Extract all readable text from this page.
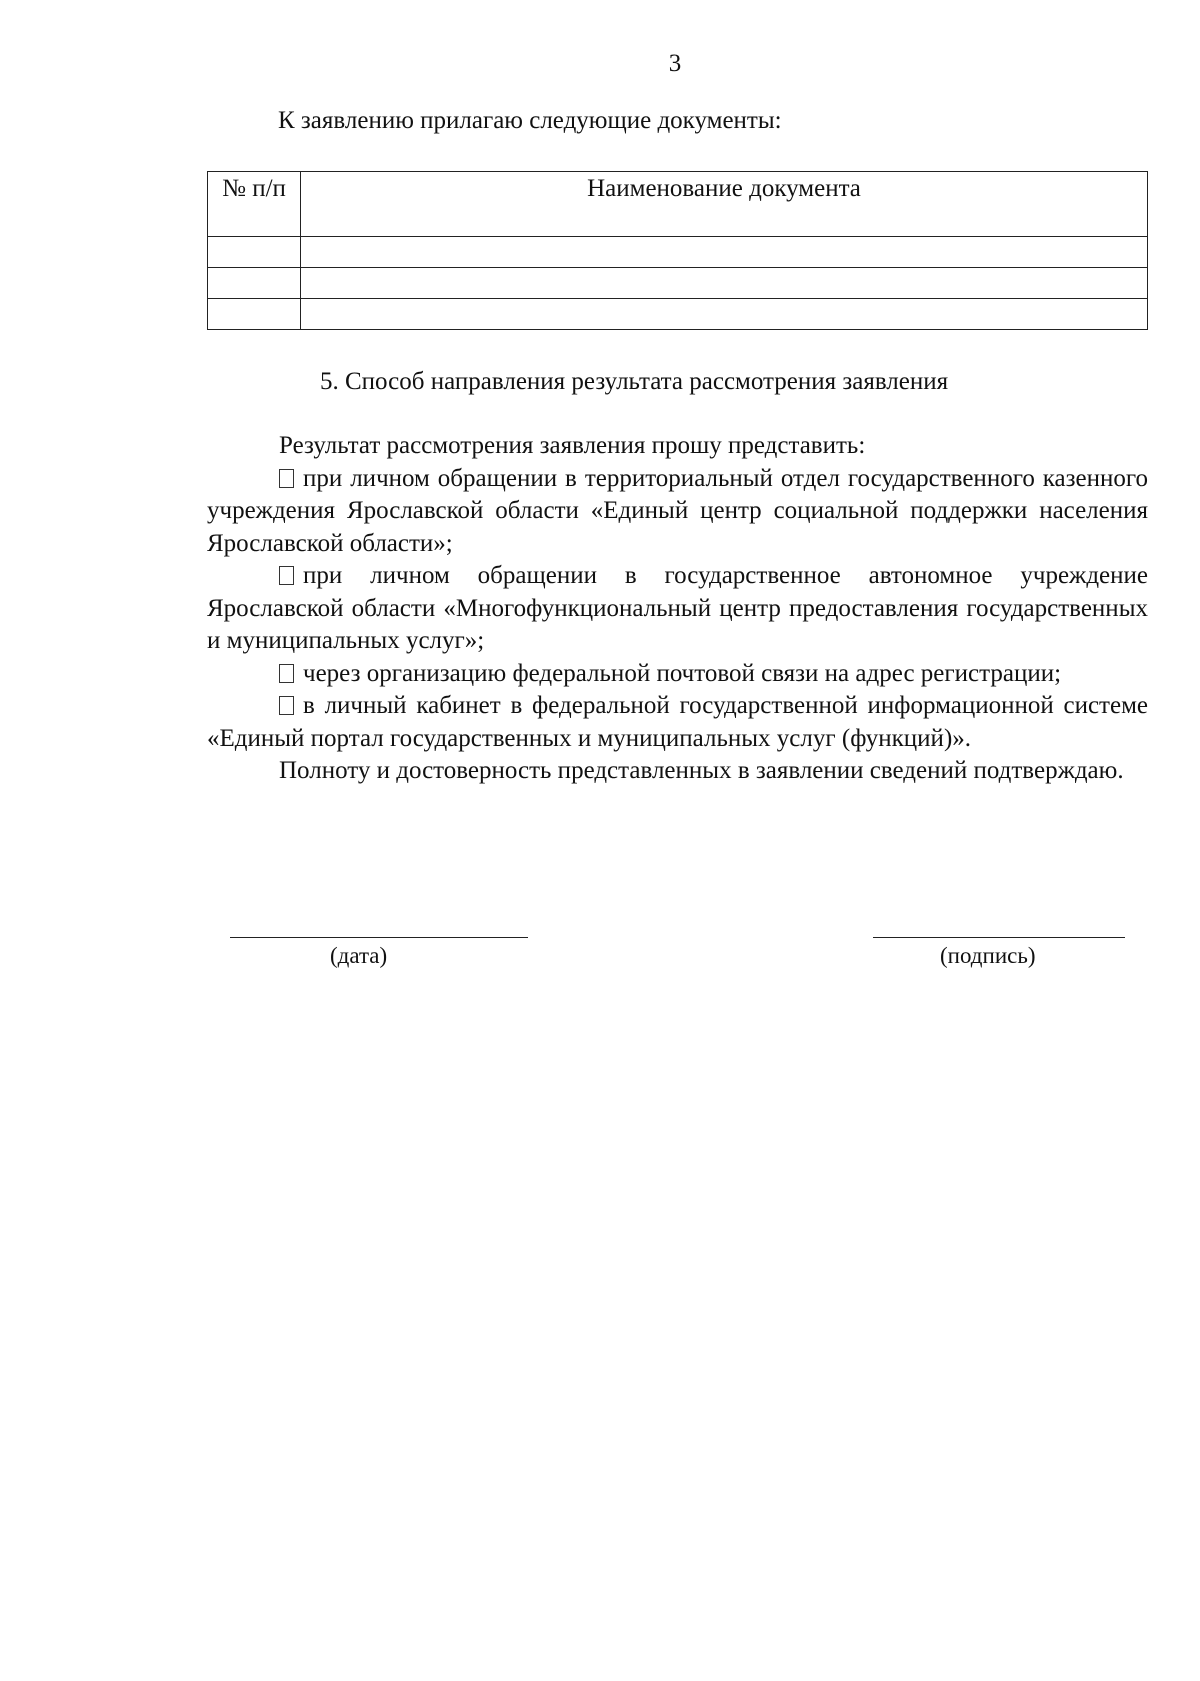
3
К заявлению прилагаю следующие документы:
№ п/п	Наименование документа

5. Способ направления результата рассмотрения заявления

Результат рассмотрения заявления прошу представить:

при личном обращении в территориальный отдел государственного казенного учреждения Ярославской области «Единый центр социальной поддержки населения Ярославской области»;

при личном обращении в государственное автономное учреждение Ярославской области «Многофункциональный центр предоставления государственных и муниципальных услуг»;

через организацию федеральной почтовой связи на адрес регистрации;

в личный кабинет в федеральной государственной информационной системе «Единый портал государственных и муниципальных услуг (функций)».

Полноту и достоверность представленных в заявлении сведений подтверждаю.

(дата)	(подпись)
